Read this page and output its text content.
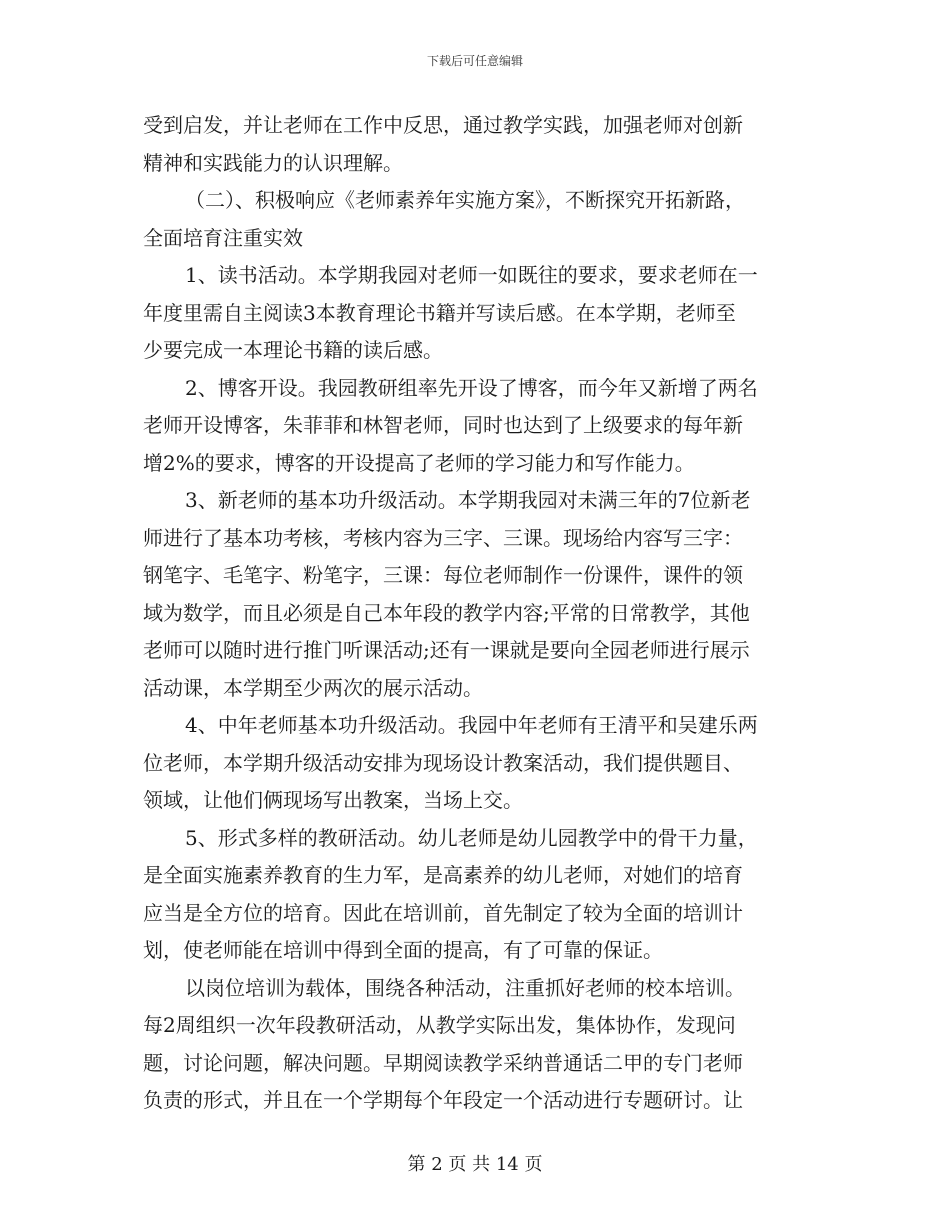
下载后可任意编辑
受到启发，并让老师在工作中反思，通过教学实践，加强老师对创新
精神和实践能力的认识理解。
（二）、积极响应《老师素养年实施方案》，不断探究开拓新路，
全面培育注重实效
1、读书活动。本学期我园对老师一如既往的要求，要求老师在一
年度里需自主阅读3本教育理论书籍并写读后感。在本学期，老师至
少要完成一本理论书籍的读后感。
2、博客开设。我园教研组率先开设了博客，而今年又新增了两名
老师开设博客，朱菲菲和林智老师，同时也达到了上级要求的每年新
增2%的要求，博客的开设提高了老师的学习能力和写作能力。
3、新老师的基本功升级活动。本学期我园对未满三年的7位新老
师进行了基本功考核，考核内容为三字、三课。现场给内容写三字：
钢笔字、毛笔字、粉笔字，三课：每位老师制作一份课件，课件的领
域为数学，而且必须是自己本年段的教学内容;平常的日常教学，其他
老师可以随时进行推门听课活动;还有一课就是要向全园老师进行展示
活动课，本学期至少两次的展示活动。
4、中年老师基本功升级活动。我园中年老师有王清平和吴建乐两
位老师，本学期升级活动安排为现场设计教案活动，我们提供题目、
领域，让他们俩现场写出教案，当场上交。
5、形式多样的教研活动。幼儿老师是幼儿园教学中的骨干力量，
是全面实施素养教育的生力军，是高素养的幼儿老师，对她们的培育
应当是全方位的培育。因此在培训前，首先制定了较为全面的培训计
划，使老师能在培训中得到全面的提高，有了可靠的保证。
以岗位培训为载体，围绕各种活动，注重抓好老师的校本培训。
每2周组织一次年段教研活动，从教学实际出发，集体协作，发现问
题，讨论问题，解决问题。早期阅读教学采纳普通话二甲的专门老师
负责的形式，并且在一个学期每个年段定一个活动进行专题研讨。让
第 2 页 共 14 页
